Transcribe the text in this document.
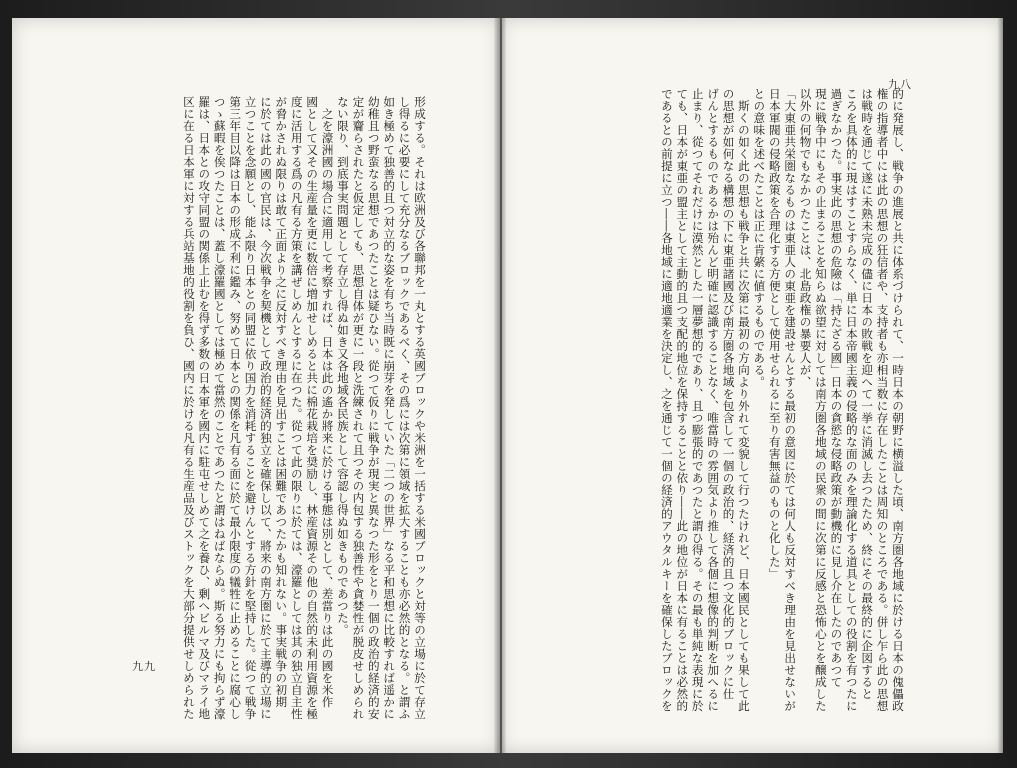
九八
的に発展し、戦争の進展と共に体系づけられて、一時日本の朝野に横溢した頃、南方圏各地域に於ける日本の傀儡政
権の指導者中には此の思想の狂信者や、支持者も亦相当数に存在したことは周知のところである。併し乍ら此の思想
は戦時を通じて遂に未熟未完成の儘に日本の敗戦を迎へて一挙に消滅し去つたため、終にその最終的に企図すると
ころを具体的に現はすことすらなく、単に日本帝國主義の侵略的な面のみを理論化する道具としての役割を有つたに
過ぎなかつた。事実此の思想の危險は「持たざる國」日本の貪慾な侵略政策が動機的に見し介在したのであつて
現に戦争中にもその止まることを知らぬ欲望に対しては南方圏各地域の民衆の間に次第に反感と恐怖心とを醸成した
以外の何物でもなかつたことは、北島政権の暴要人が、
「大東亜共栄圏なるものは東亜人の東亜を建設せんとする最初の意図に於ては何人も反対すべき理由を見出せないが
日本軍閥の侵略政策を合理化する方便として使用せられるに至り有害無益のものと化した」
との意味を述べたことは正に肯綮に値するものである。
　斯くの如く此の思想も戦争と共に次第に最初の方向より外れて変貌して行つたけれど、日本國民としても果して此
の思想が如何なる構想の下に東亜諸國及び南方圏各地域を包含して一個の政治的、経済的且つ文化的ブロックに仕
げんとするものであるかは殆んど明確に認識することなく、唯當時の雰囲気より推して各個に想像的判断を加へるに
止まり、從つてそれだけに漠然とした一層夢想的であり、且つ膨張的であつたと謂ひ得る。その最も単純な表現に於
ても、日本が東亜の盟主として主動的且つ支配的地位を保持することと依り――此の地位が日本に有ることは必然的
であるとの前提に立つ――各地域に適地適業を決定し、之を通じて一個の経済的アウタルキーを確保したブロックを
九九	形成する。それは欧洲及び各聯邦を一丸とする英國ブロックや米洲を一括する米國ブロックと対等の立場に於て存立
し得るに必要にして充分なるブロックであるべく、その爲には次第に領域を拡大することも亦必然的となる。と謂ふ
如き極めて独善的且つ対立的な姿を有ち当時既に崩芽を発していた「二つの世界」なる平和思想に比較すれば遥かに
幼稚且つ野蛮なる思想であつたことは疑ひない。從つて仮りに戦争が現実と異なつた形をとり一個の政治的経済的安
定が齎らされたと仮定しても、思想自体が更に一段と洗練されて且つその内包する独善性や貪婪性が脱皮せしめられ
ない限り、到底事実問題として存立し得ぬ如き又各地域各民族として容認し得ぬ如きものであつた。
　之を濠洲國の場合に適用して考察すれば、日本は此の遙か將来に於ける事態は別として、差當りは此の國を米作
國として又その生産量を更に数倍に増加せしめると共に棉花栽培を奨励し、林産資源その他の自然的未利用資源を極
度に活用する爲の凡有る方策を講ぜしめんとするに在つた。從つて此の限りに於ては、濠羅としては其の独立自主性
が脅かされぬ限りは敢て正面より之に反対すべき理由を見出すことは困難であつたかも知れない。事実戦争の初期
に於ては此の國の官民は、今次戦争を契機として政治的経済的独立を確保し以て、將来の南方圏に於て主導的立場に
立つことを念願とし、能ふ限り日本との同盟に依り国力を消耗することを避けんとする方針を堅持した。從つて戦争
第三年目以降は日本の形成不利に鑑み、努めて日本との関係を凡有る面に於て最小限度の犠牲に止めることに腐心し
つゝ蘇暇を俟つたことは、蓋し濠羅國としては極めて當然のことであつたと謂はねばならぬ。斯る努力にも拘らず濠
羅は、日本との攻守同盟の関係上止むを得ず多数の日本軍を國内に駐屯せしめて之を養ひ、剰へビルマ及びマライ地
区に在る日本軍に対する兵站基地的役割を負ひ、國内に於ける凡有る生産品及びストックを大部分提供せしめられた
